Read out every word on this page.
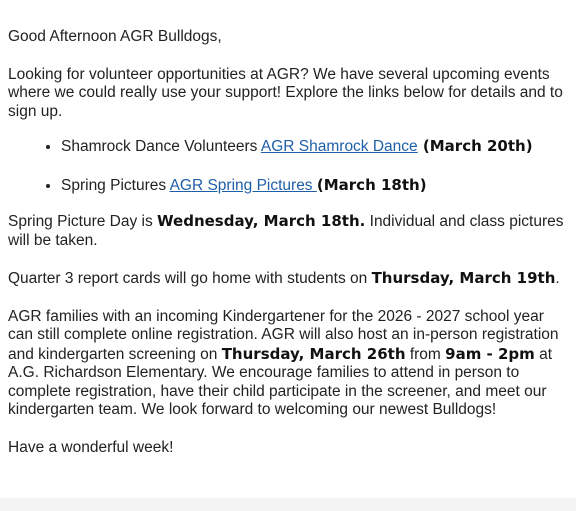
Good Afternoon AGR Bulldogs,

Looking for volunteer opportunities at AGR? We have several upcoming events where we could really use your support! Explore the links below for details and to sign up.

• Shamrock Dance Volunteers AGR Shamrock Dance (March 20th)
• Spring Pictures AGR Spring Pictures (March 18th)

Spring Picture Day is Wednesday, March 18th. Individual and class pictures will be taken.

Quarter 3 report cards will go home with students on Thursday, March 19th.

AGR families with an incoming Kindergartener for the 2026 - 2027 school year can still complete online registration. AGR will also host an in-person registration and kindergarten screening on Thursday, March 26th from 9am - 2pm at A.G. Richardson Elementary. We encourage families to attend in person to complete registration, have their child participate in the screener, and meet our kindergarten team. We look forward to welcoming our newest Bulldogs!

Have a wonderful week!
